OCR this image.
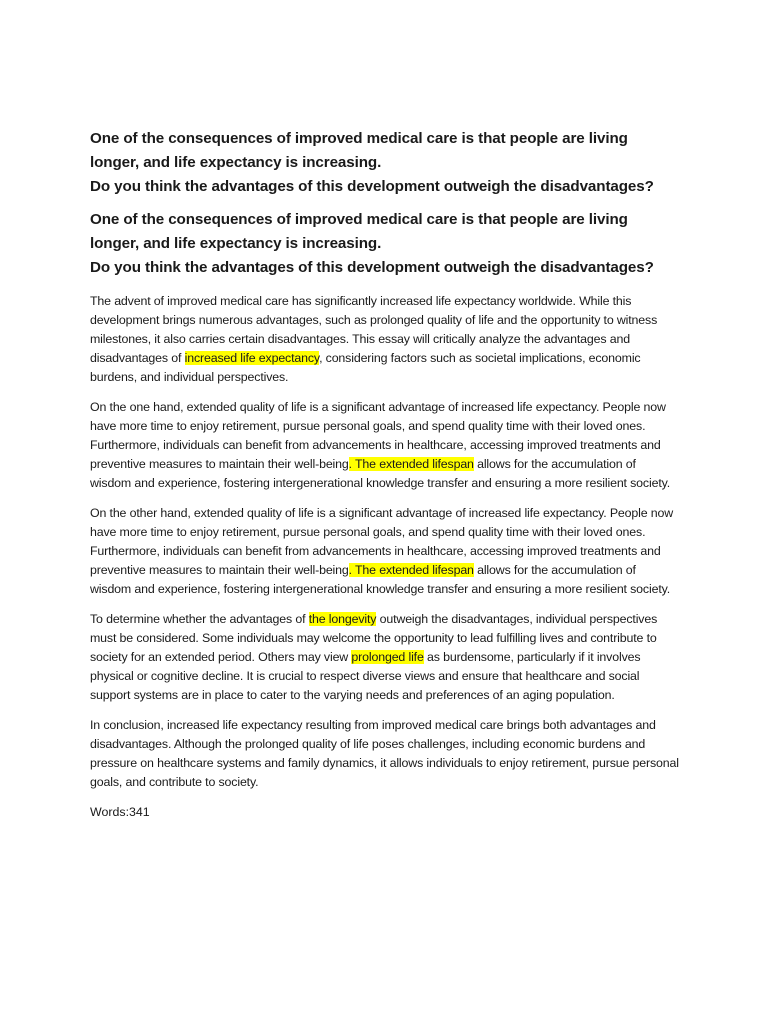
One of the consequences of improved medical care is that people are living
longer, and life expectancy is increasing.
Do you think the advantages of this development outweigh the disadvantages?

One of the consequences of improved medical care is that people are living
longer, and life expectancy is increasing.
Do you think the advantages of this development outweigh the disadvantages?

The advent of improved medical care has significantly increased life expectancy worldwide. While this development brings numerous advantages, such as prolonged quality of life and the opportunity to witness milestones, it also carries certain disadvantages. This essay will critically analyze the advantages and disadvantages of increased life expectancy, considering factors such as societal implications, economic burdens, and individual perspectives.

On the one hand, extended quality of life is a significant advantage of increased life expectancy. People now have more time to enjoy retirement, pursue personal goals, and spend quality time with their loved ones. Furthermore, individuals can benefit from advancements in healthcare, accessing improved treatments and preventive measures to maintain their well-being. The extended lifespan allows for the accumulation of wisdom and experience, fostering intergenerational knowledge transfer and ensuring a more resilient society.

On the other hand, extended quality of life is a significant advantage of increased life expectancy. People now have more time to enjoy retirement, pursue personal goals, and spend quality time with their loved ones. Furthermore, individuals can benefit from advancements in healthcare, accessing improved treatments and preventive measures to maintain their well-being. The extended lifespan allows for the accumulation of wisdom and experience, fostering intergenerational knowledge transfer and ensuring a more resilient society.

To determine whether the advantages of the longevity outweigh the disadvantages, individual perspectives must be considered. Some individuals may welcome the opportunity to lead fulfilling lives and contribute to society for an extended period. Others may view prolonged life as burdensome, particularly if it involves physical or cognitive decline. It is crucial to respect diverse views and ensure that healthcare and social support systems are in place to cater to the varying needs and preferences of an aging population.

In conclusion, increased life expectancy resulting from improved medical care brings both advantages and disadvantages. Although the prolonged quality of life poses challenges, including economic burdens and pressure on healthcare systems and family dynamics, it allows individuals to enjoy retirement, pursue personal goals, and contribute to society.

Words:341
